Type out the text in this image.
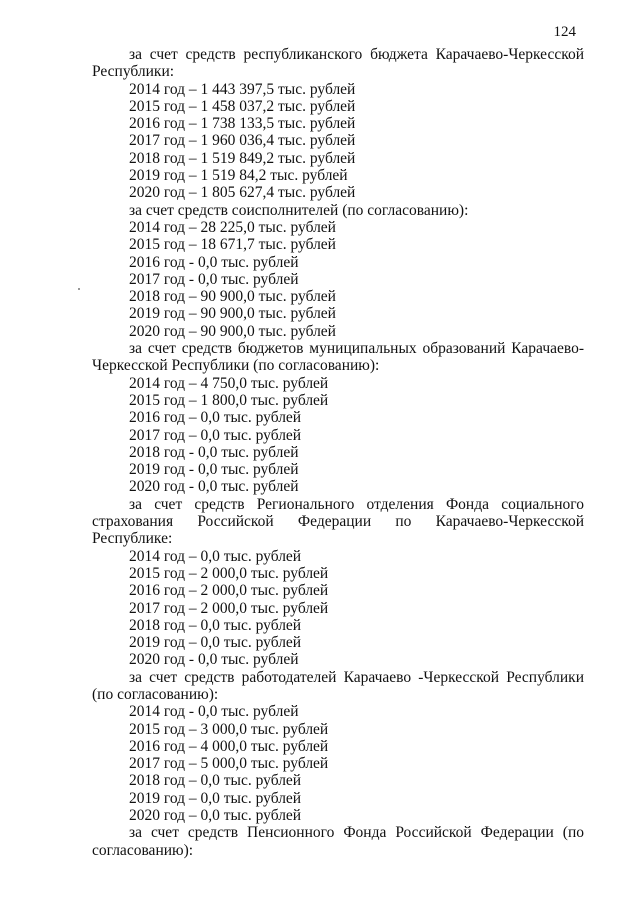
124

за счет средств республиканского бюджета Карачаево-Черкесской Республики:

2014 год – 1 443 397,5 тыс. рублей

2015 год – 1 458 037,2 тыс. рублей

2016 год – 1 738 133,5 тыс. рублей

2017 год – 1 960 036,4 тыс. рублей

2018 год – 1 519 849,2 тыс. рублей

2019 год – 1 519 84,2 тыс. рублей

2020 год – 1 805 627,4 тыс. рублей

за счет средств соисполнителей (по согласованию):

2014 год – 28 225,0 тыс. рублей

2015 год – 18 671,7 тыс. рублей

2016 год - 0,0 тыс. рублей

2017 год - 0,0 тыс. рублей

2018 год – 90 900,0 тыс. рублей

2019 год – 90 900,0 тыс. рублей

2020 год – 90 900,0 тыс. рублей

за счет средств бюджетов муниципальных образований Карачаево-Черкесской Республики (по согласованию):

2014 год – 4 750,0 тыс. рублей

2015 год – 1 800,0 тыс. рублей

2016 год – 0,0 тыс. рублей

2017 год – 0,0 тыс. рублей

2018 год - 0,0 тыс. рублей

2019 год - 0,0 тыс. рублей

2020 год - 0,0 тыс. рублей

за счет средств Регионального отделения Фонда социального страхования Российской Федерации по Карачаево-Черкесской Республике:

2014 год – 0,0 тыс. рублей

2015 год – 2 000,0 тыс. рублей

2016 год – 2 000,0 тыс. рублей

2017 год – 2 000,0 тыс. рублей

2018 год – 0,0 тыс. рублей

2019 год – 0,0 тыс. рублей

2020 год - 0,0 тыс. рублей

за счет средств работодателей Карачаево -Черкесской Республики (по согласованию):

2014 год - 0,0 тыс. рублей

2015 год – 3 000,0 тыс. рублей

2016 год – 4 000,0 тыс. рублей

2017 год – 5 000,0 тыс. рублей

2018 год – 0,0 тыс. рублей

2019 год – 0,0 тыс. рублей

2020 год – 0,0 тыс. рублей

за счет средств Пенсионного Фонда Российской Федерации (по согласованию):
